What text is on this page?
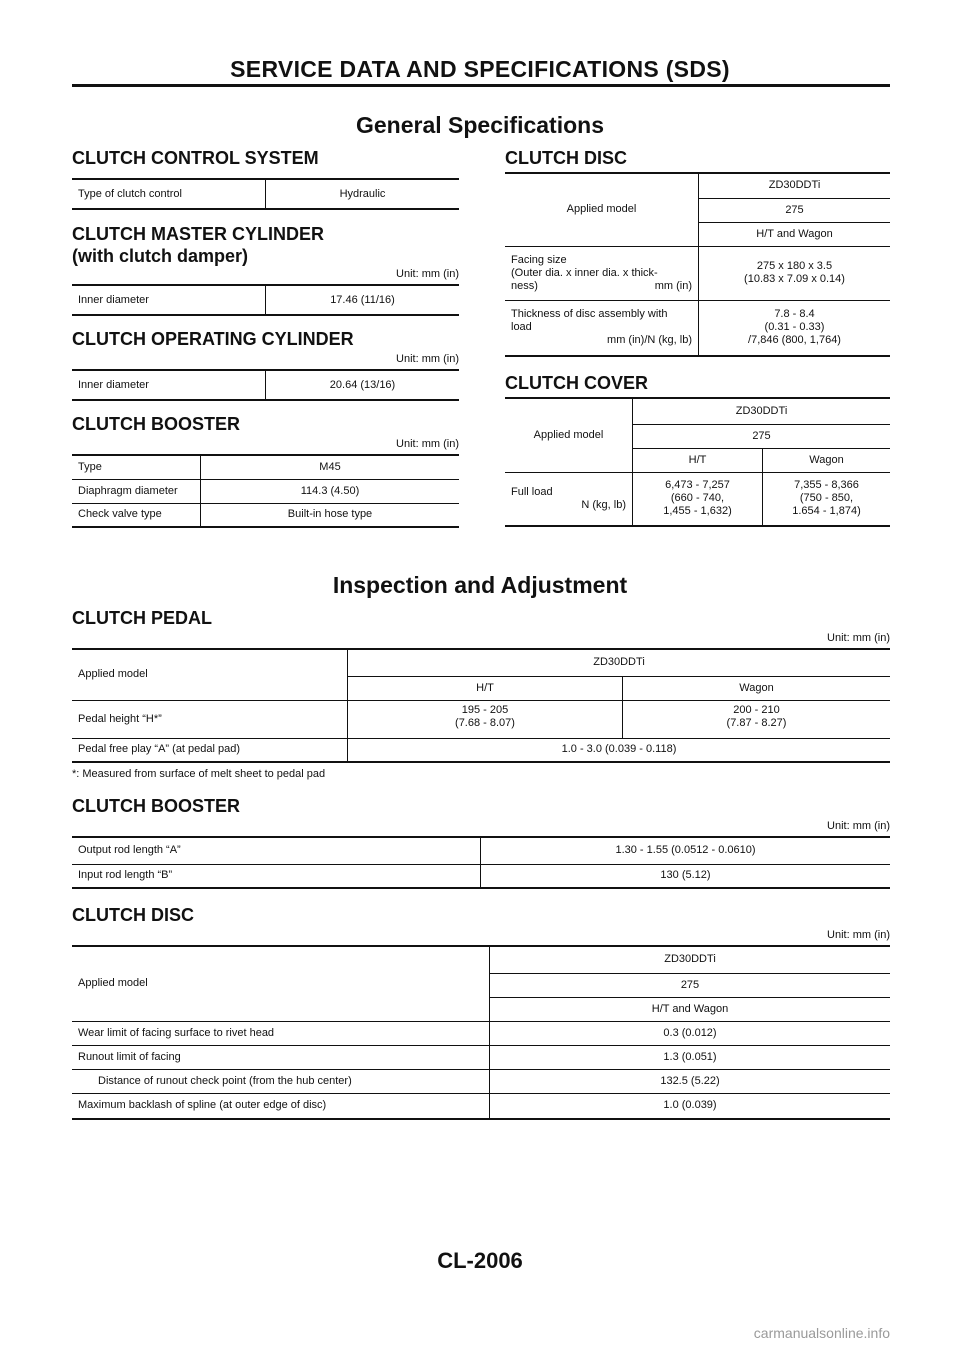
SERVICE DATA AND SPECIFICATIONS (SDS)
General Specifications
CLUTCH CONTROL SYSTEM
Type of clutch control	Hydraulic
CLUTCH MASTER CYLINDER
(with clutch damper)
Unit: mm (in)
Inner diameter	17.46 (11/16)
CLUTCH OPERATING CYLINDER
Unit: mm (in)
Inner diameter	20.64 (13/16)
CLUTCH BOOSTER
Unit: mm (in)
Type	M45
Diaphragm diameter	114.3 (4.50)
Check valve type	Built-in hose type
CLUTCH DISC
Applied model	ZD30DDTi
	275
	H/T and Wagon
Facing size
(Outer dia. x inner dia. x thick-
ness) mm (in)	275 x 180 x 3.5
(10.83 x 7.09 x 0.14)
Thickness of disc assembly with
load

mm (in)/N (kg, lb)	7.8 - 8.4
(0.31 - 0.33)
/7,846 (800, 1,764)
CLUTCH COVER
Applied model	ZD30DDTi	
	275	
	H/T	Wagon
Full load

N (kg, lb)	6,473 - 7,257
(660 - 740,
1,455 - 1,632)	7,355 - 8,366
(750 - 850,
1.654 - 1,874)
Inspection and Adjustment
CLUTCH PEDAL
Unit: mm (in)
Applied model	ZD30DDTi	
	H/T	Wagon
Pedal height “H*”	195 - 205
(7.68 - 8.07)	200 - 210
(7.87 - 8.27)
Pedal free play “A” (at pedal pad)	1.0 - 3.0 (0.039 - 0.118)	
*: Measured from surface of melt sheet to pedal pad
CLUTCH BOOSTER
Unit: mm (in)
Output rod length “A”	1.30 - 1.55 (0.0512 - 0.0610)
Input rod length “B”	130 (5.12)
CLUTCH DISC
Unit: mm (in)
Applied model	ZD30DDTi
	275
	H/T and Wagon
Wear limit of facing surface to rivet head	0.3 (0.012)
Runout limit of facing	1.3 (0.051)
Distance of runout check point (from the hub center)	132.5 (5.22)
Maximum backlash of spline (at outer edge of disc)	1.0 (0.039)
CL-2006
carmanualsonline.info
